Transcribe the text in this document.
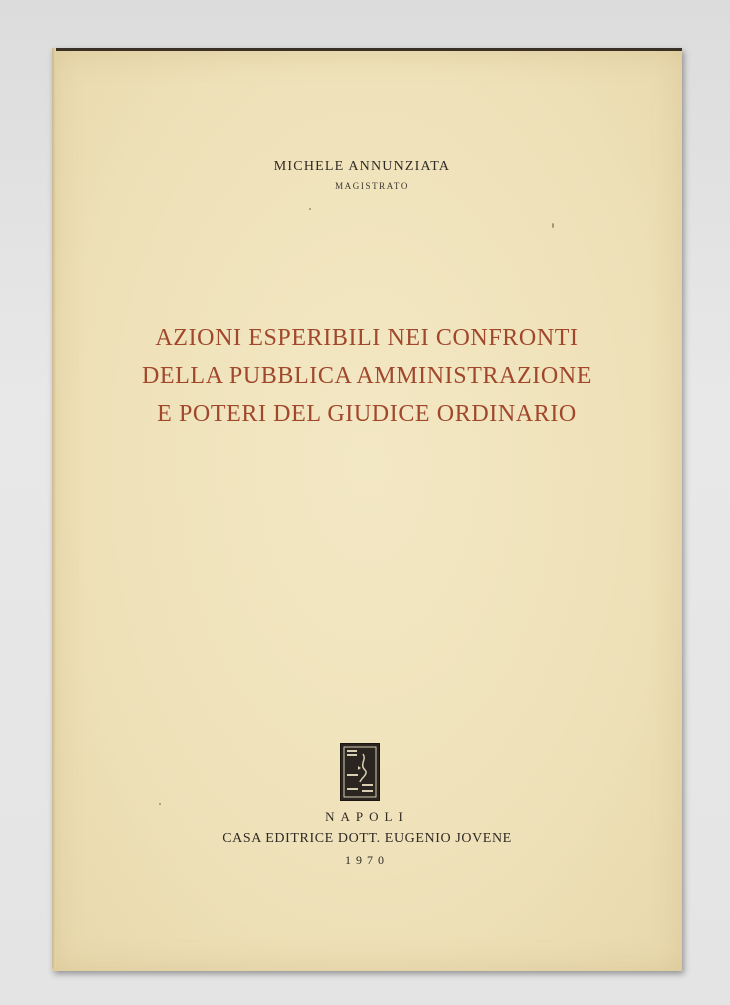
MICHELE ANNUNZIATA
MAGISTRATO
AZIONI ESPERIBILI NEI CONFRONTI
DELLA PUBBLICA AMMINISTRAZIONE
E POTERI DEL GIUDICE ORDINARIO
NAPOLI
CASA EDITRICE DOTT. EUGENIO JOVENE
1970
